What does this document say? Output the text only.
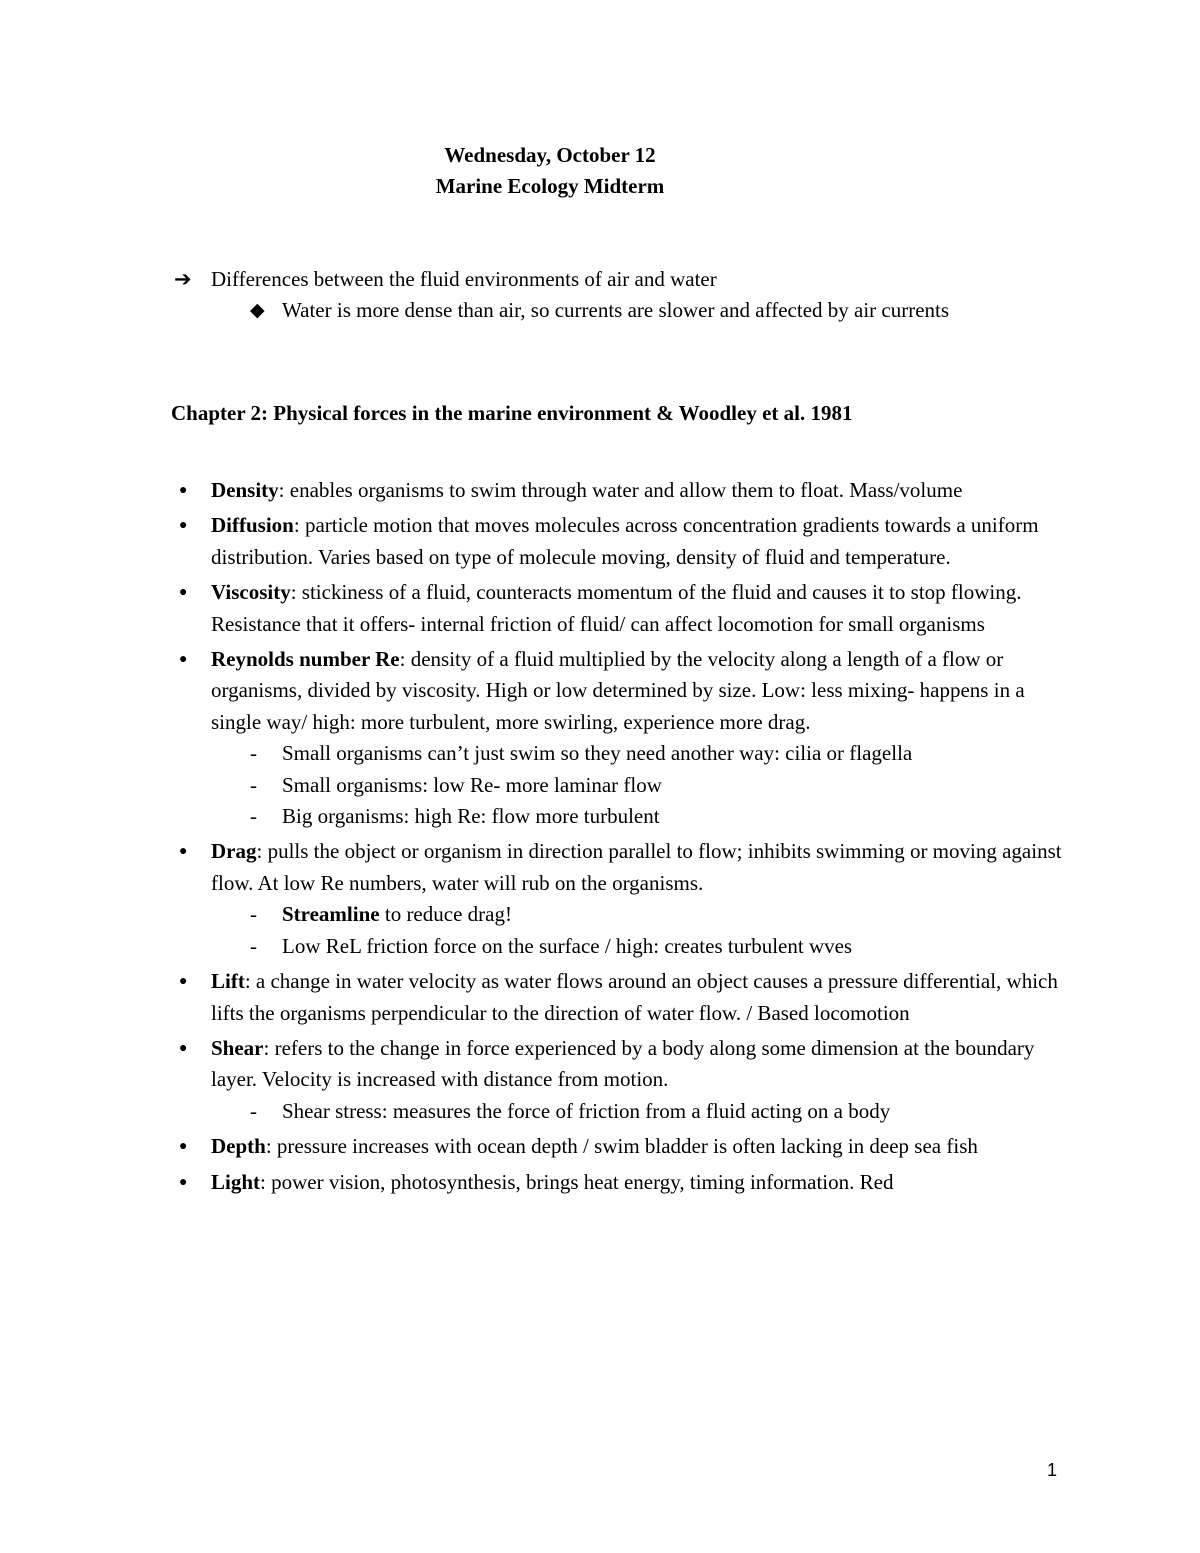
Wednesday, October 12
Marine Ecology Midterm
➔ Differences between the fluid environments of air and water
◆ Water is more dense than air, so currents are slower and affected by air currents
Chapter 2: Physical forces in the marine environment & Woodley et al. 1981
● Density: enables organisms to swim through water and allow them to float. Mass/volume
● Diffusion: particle motion that moves molecules across concentration gradients towards a uniform distribution. Varies based on type of molecule moving, density of fluid and temperature.
● Viscosity: stickiness of a fluid, counteracts momentum of the fluid and causes it to stop flowing. Resistance that it offers- internal friction of fluid/ can affect locomotion for small organisms
● Reynolds number Re: density of a fluid multiplied by the velocity along a length of a flow or organisms, divided by viscosity. High or low determined by size. Low: less mixing- happens in a single way/ high: more turbulent, more swirling, experience more drag.
- Small organisms can’t just swim so they need another way: cilia or flagella
- Small organisms: low Re- more laminar flow
- Big organisms: high Re: flow more turbulent
● Drag: pulls the object or organism in direction parallel to flow; inhibits swimming or moving against flow. At low Re numbers, water will rub on the organisms.
- Streamline to reduce drag!
- Low ReL friction force on the surface / high: creates turbulent wves
● Lift: a change in water velocity as water flows around an object causes a pressure differential, which lifts the organisms perpendicular to the direction of water flow. / Based locomotion
● Shear: refers to the change in force experienced by a body along some dimension at the boundary layer. Velocity is increased with distance from motion.
- Shear stress: measures the force of friction from a fluid acting on a body
● Depth: pressure increases with ocean depth / swim bladder is often lacking in deep sea fish
● Light: power vision, photosynthesis, brings heat energy, timing information. Red
1
